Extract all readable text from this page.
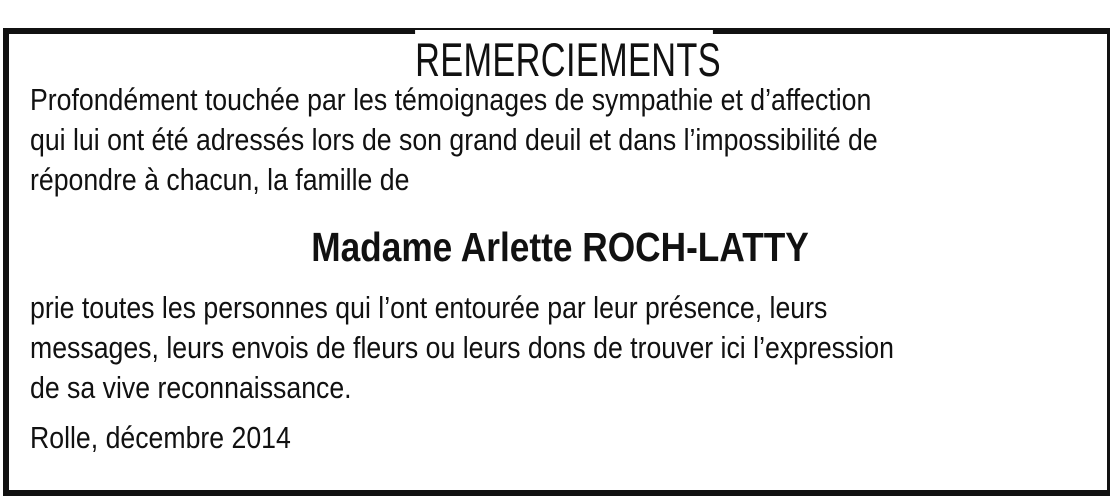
REMERCIEMENTS
Profondément touchée par les témoignages de sympathie et d’affection
qui lui ont été adressés lors de son grand deuil et dans l’impossibilité de
répondre à chacun, la famille de
Madame Arlette ROCH-LATTY
prie toutes les personnes qui l’ont entourée par leur présence, leurs
messages, leurs envois de fleurs ou leurs dons de trouver ici l’expression
de sa vive reconnaissance.
Rolle, décembre 2014
